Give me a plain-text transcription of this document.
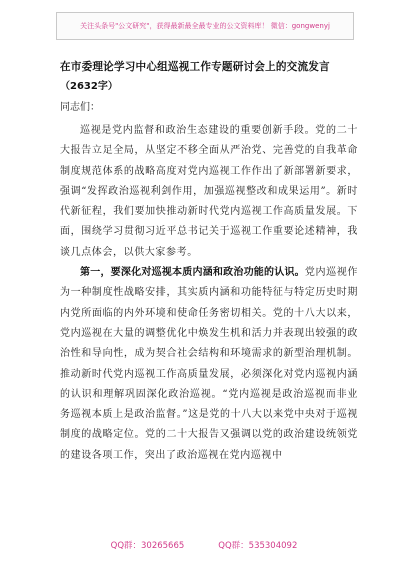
关注头条号"公文研究"，获得最新最全最专业的公文资料库！ 微信：gongwenyj
在市委理论学习中心组巡视工作专题研讨会上的交流发言
（2632字）
同志们：

巡视是党内监督和政治生态建设的重要创新手段。党的二十大报告立足全局，从坚定不移全面从严治党、完善党的自我革命制度规范体系的战略高度对党内巡视工作作出了新部署新要求，强调“发挥政治巡视利剑作用，加强巡视整改和成果运用”。新时代新征程，我们要加快推动新时代党内巡视工作高质量发展。下面，围绕学习贯彻习近平总书记关于巡视工作重要论述精神，我谈几点体会，以供大家参考。

第一，要深化对巡视本质内涵和政治功能的认识。党内巡视作为一种制度性战略安排，其实质内涵和功能特征与特定历史时期内党所面临的内外环境和使命任务密切相关。党的十八大以来，党内巡视在大量的调整优化中焕发生机和活力并表现出较强的政治性和导向性，成为契合社会结构和环境需求的新型治理机制。推动新时代党内巡视工作高质量发展，必须深化对党内巡视内涵的认识和理解巩固深化政治巡视。“党内巡视是政治巡视而非业务巡视本质上是政治监督。”这是党的十八大以来党中央对于巡视制度的战略定位。党的二十大报告又强调以党的政治建设统领党的建设各项工作，突出了政治巡视在党内巡视中

QQ群：30265665	QQ群：535304092
